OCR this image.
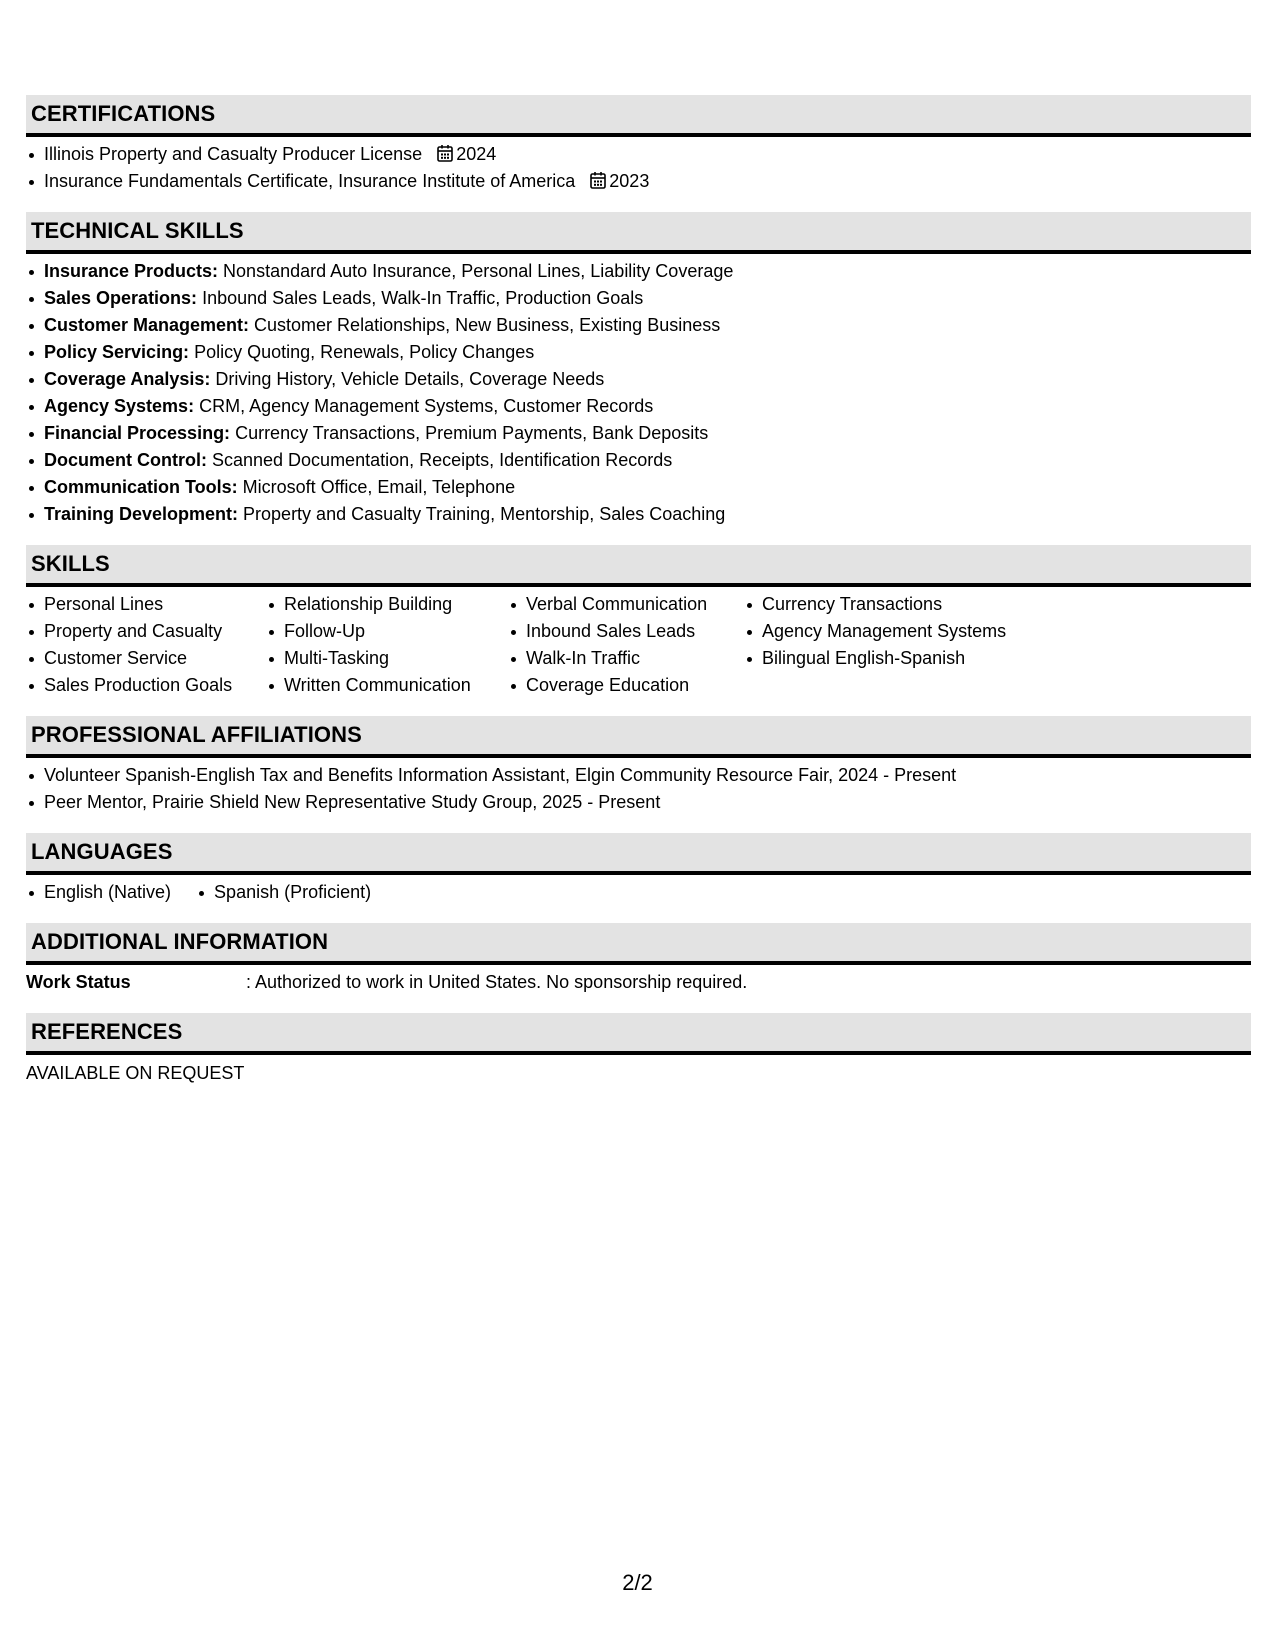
CERTIFICATIONS
Illinois Property and Casualty Producer License 2024
Insurance Fundamentals Certificate, Insurance Institute of America 2023
TECHNICAL SKILLS
Insurance Products: Nonstandard Auto Insurance, Personal Lines, Liability Coverage
Sales Operations: Inbound Sales Leads, Walk-In Traffic, Production Goals
Customer Management: Customer Relationships, New Business, Existing Business
Policy Servicing: Policy Quoting, Renewals, Policy Changes
Coverage Analysis: Driving History, Vehicle Details, Coverage Needs
Agency Systems: CRM, Agency Management Systems, Customer Records
Financial Processing: Currency Transactions, Premium Payments, Bank Deposits
Document Control: Scanned Documentation, Receipts, Identification Records
Communication Tools: Microsoft Office, Email, Telephone
Training Development: Property and Casualty Training, Mentorship, Sales Coaching
SKILLS
Personal Lines
Property and Casualty
Customer Service
Sales Production Goals
Relationship Building
Follow-Up
Multi-Tasking
Written Communication
Verbal Communication
Inbound Sales Leads
Walk-In Traffic
Coverage Education
Currency Transactions
Agency Management Systems
Bilingual English-Spanish
PROFESSIONAL AFFILIATIONS
Volunteer Spanish-English Tax and Benefits Information Assistant, Elgin Community Resource Fair, 2024 - Present
Peer Mentor, Prairie Shield New Representative Study Group, 2025 - Present
LANGUAGES
English (Native)	Spanish (Proficient)
ADDITIONAL INFORMATION
Work Status	: Authorized to work in United States. No sponsorship required.
REFERENCES
AVAILABLE ON REQUEST
2/2
